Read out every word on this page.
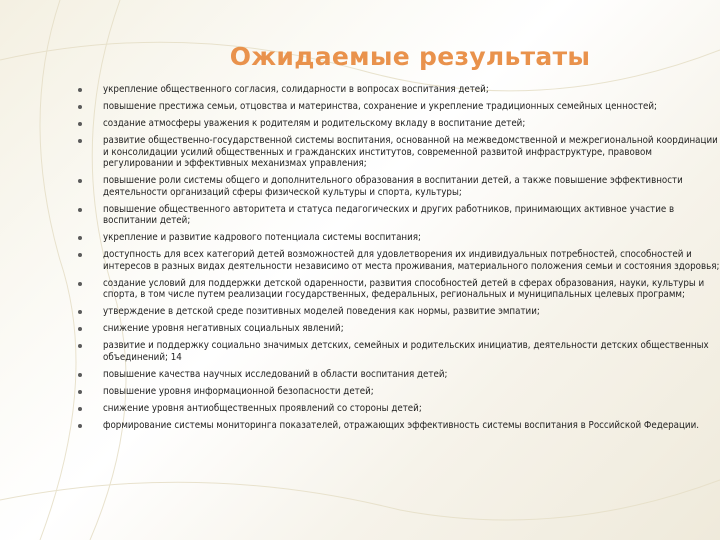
Ожидаемые результаты
укрепление общественного согласия, солидарности в вопросах воспитания детей;
повышение престижа семьи, отцовства и материнства, сохранение и укрепление традиционных семейных ценностей;
создание атмосферы уважения к родителям и родительскому вкладу в воспитание детей;
развитие общественно-государственной системы воспитания, основанной на межведомственной и межрегиональной координации и консолидации усилий общественных и гражданских институтов, современной развитой инфраструктуре, правовом регулировании и эффективных механизмах управления;
повышение роли системы общего и дополнительного образования в воспитании детей, а также повышение эффективности деятельности организаций сферы физической культуры и спорта, культуры;
повышение общественного авторитета и статуса педагогических и других работников, принимающих активное участие в воспитании детей;
укрепление и развитие кадрового потенциала системы воспитания;
доступность для всех категорий детей возможностей для удовлетворения их индивидуальных потребностей, способностей и интересов в разных видах деятельности независимо от места проживания, материального положения семьи и состояния здоровья;
создание условий для поддержки детской одаренности, развития способностей детей в сферах образования, науки, культуры и спорта, в том числе путем реализации государственных, федеральных, региональных и муниципальных целевых программ;
утверждение в детской среде позитивных моделей поведения как нормы, развитие эмпатии;
снижение уровня негативных социальных явлений;
развитие и поддержку социально значимых детских, семейных и родительских инициатив, деятельности детских общественных объединений; 14
повышение качества научных исследований в области воспитания детей;
повышение уровня информационной безопасности детей;
снижение уровня антиобщественных проявлений со стороны детей;
формирование системы мониторинга показателей, отражающих эффективность системы воспитания в Российской Федерации.
